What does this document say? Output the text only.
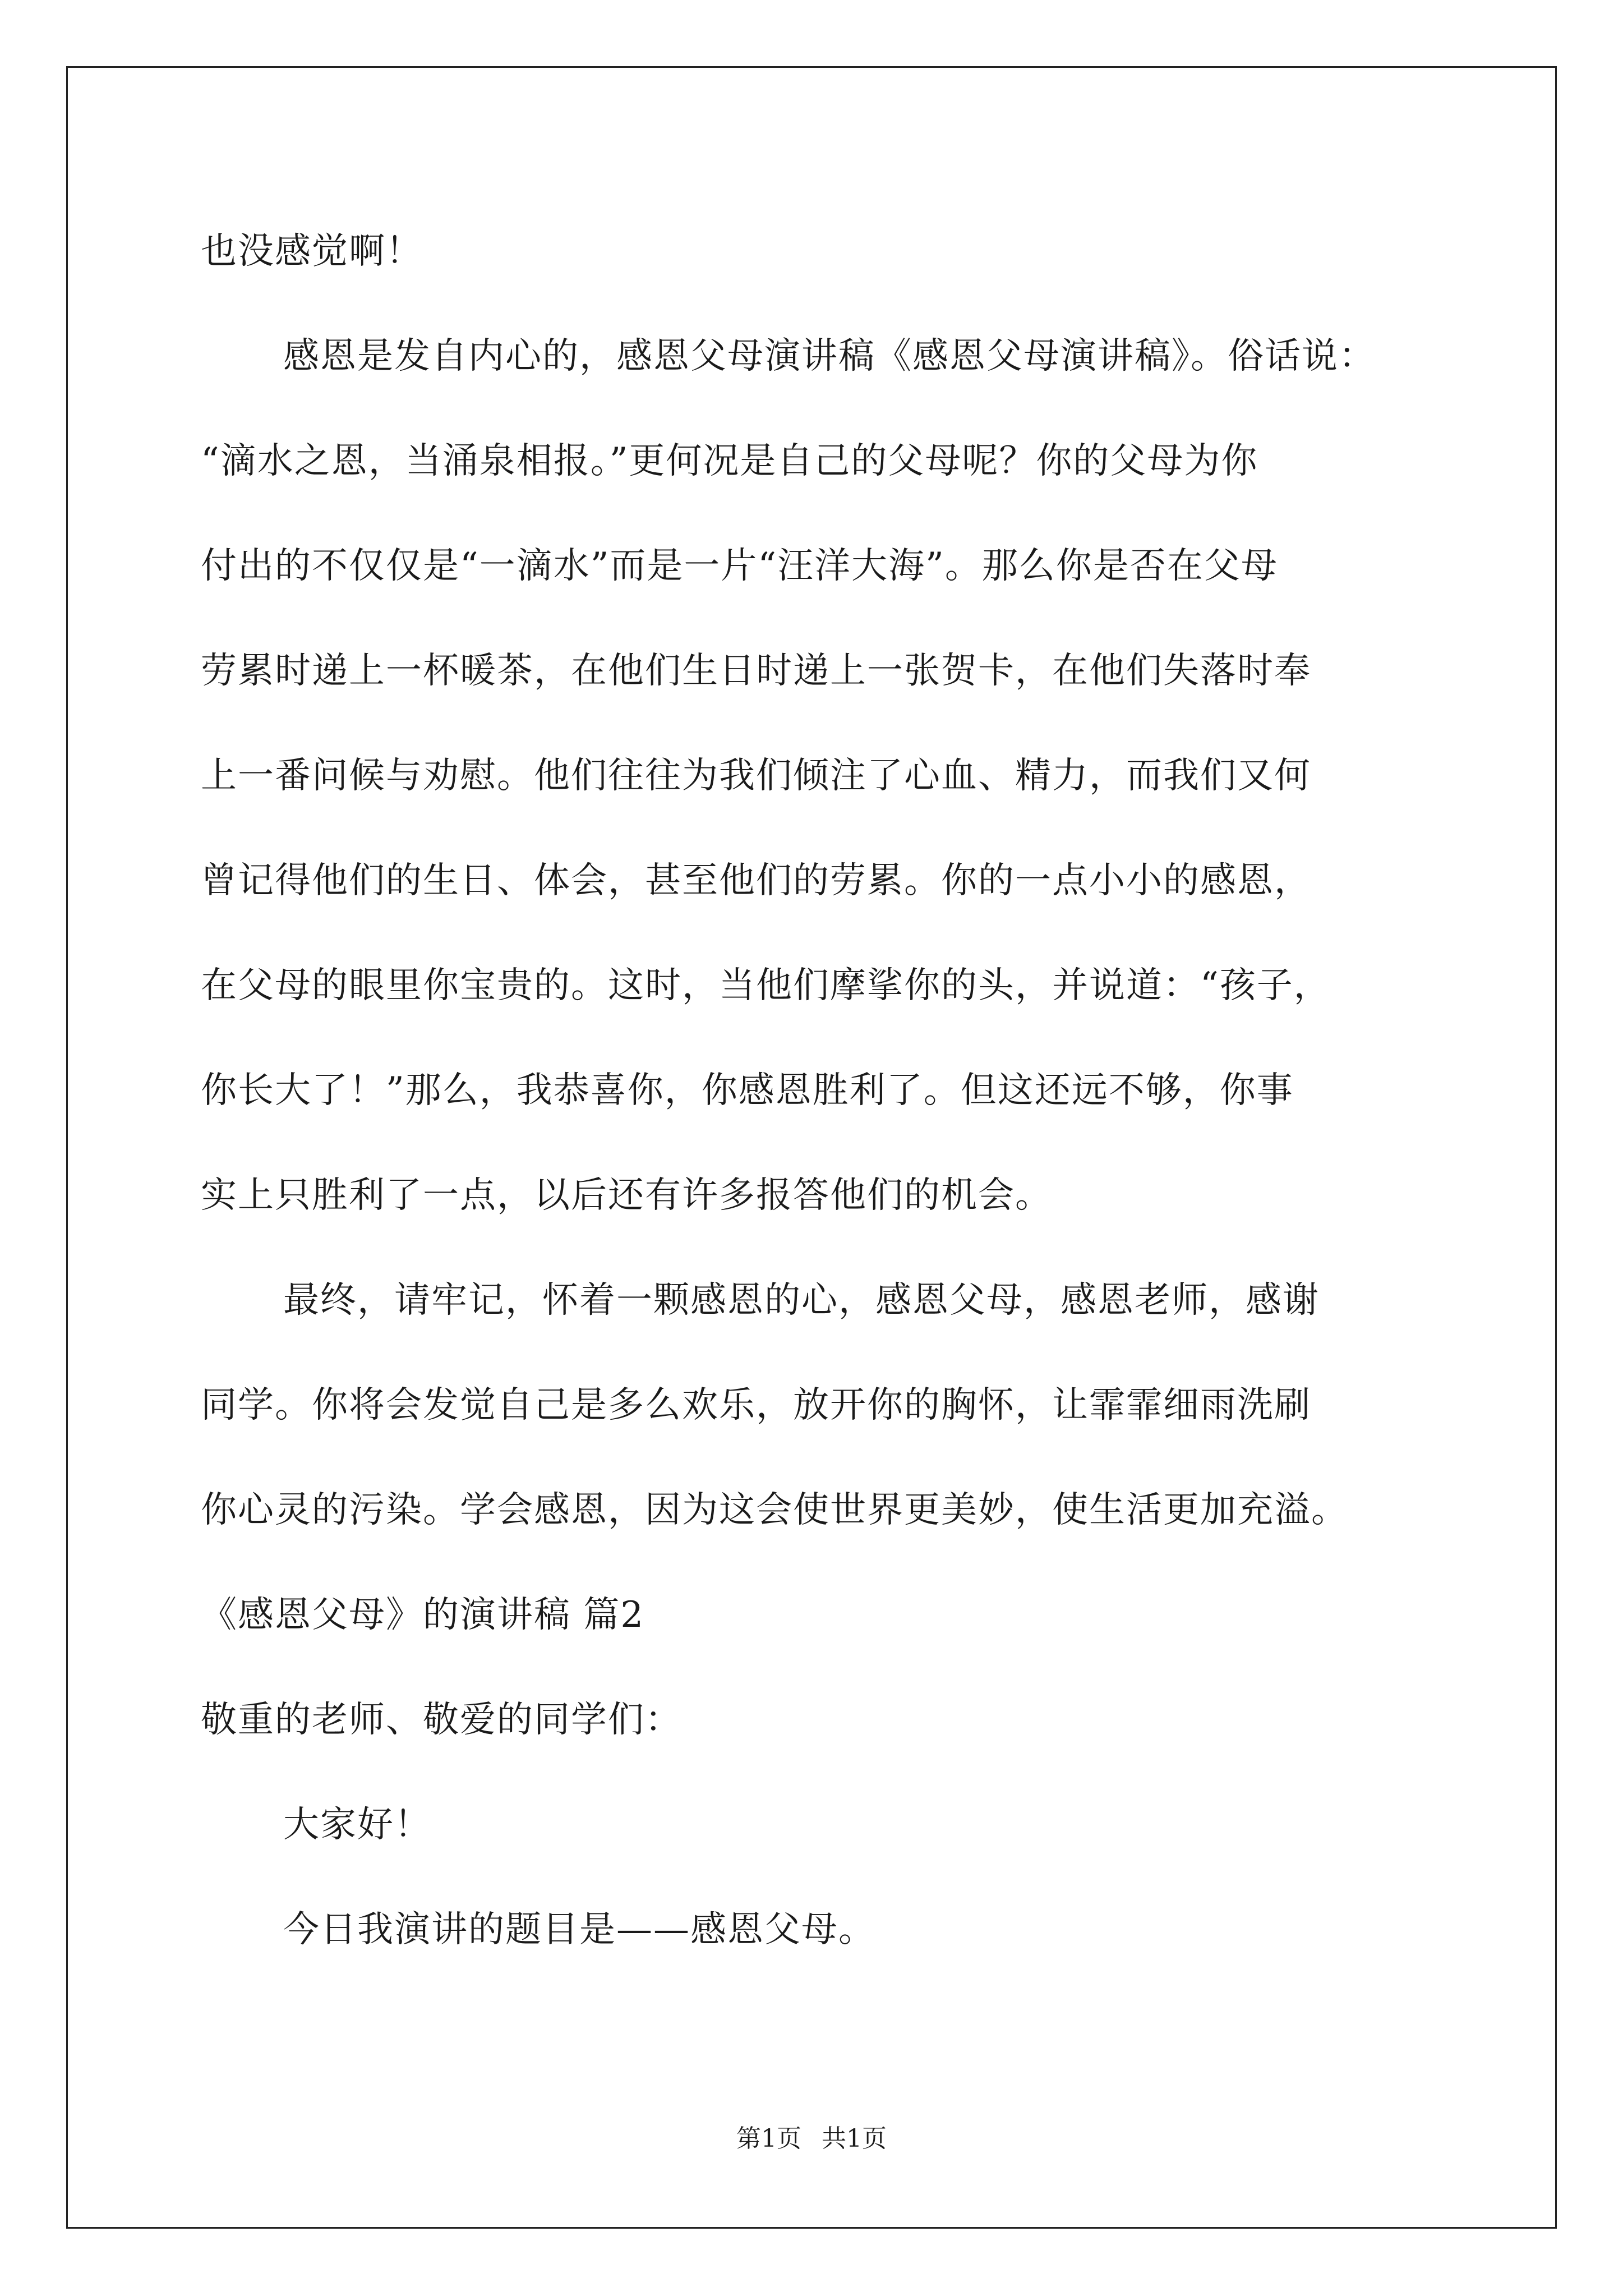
也没感觉啊！
感恩是发自内心的，感恩父母演讲稿《感恩父母演讲稿》。俗话说：
“滴水之恩，当涌泉相报。”更何况是自己的父母呢？你的父母为你
付出的不仅仅是“一滴水”而是一片“汪洋大海”。那么你是否在父母
劳累时递上一杯暖茶，在他们生日时递上一张贺卡，在他们失落时奉
上一番问候与劝慰。他们往往为我们倾注了心血、精力，而我们又何
曾记得他们的生日、体会，甚至他们的劳累。你的一点小小的感恩，
在父母的眼里你宝贵的。这时，当他们摩挲你的头，并说道：“孩子，
你长大了！”那么，我恭喜你，你感恩胜利了。但这还远不够，你事
实上只胜利了一点，以后还有许多报答他们的机会。
最终，请牢记，怀着一颗感恩的心，感恩父母，感恩老师，感谢
同学。你将会发觉自己是多么欢乐，放开你的胸怀，让霏霏细雨洗刷
你心灵的污染。学会感恩，因为这会使世界更美妙，使生活更加充溢。
《感恩父母》的演讲稿 篇2
敬重的老师、敬爱的同学们：
大家好！
今日我演讲的题目是——感恩父母。
第1页 共1页
